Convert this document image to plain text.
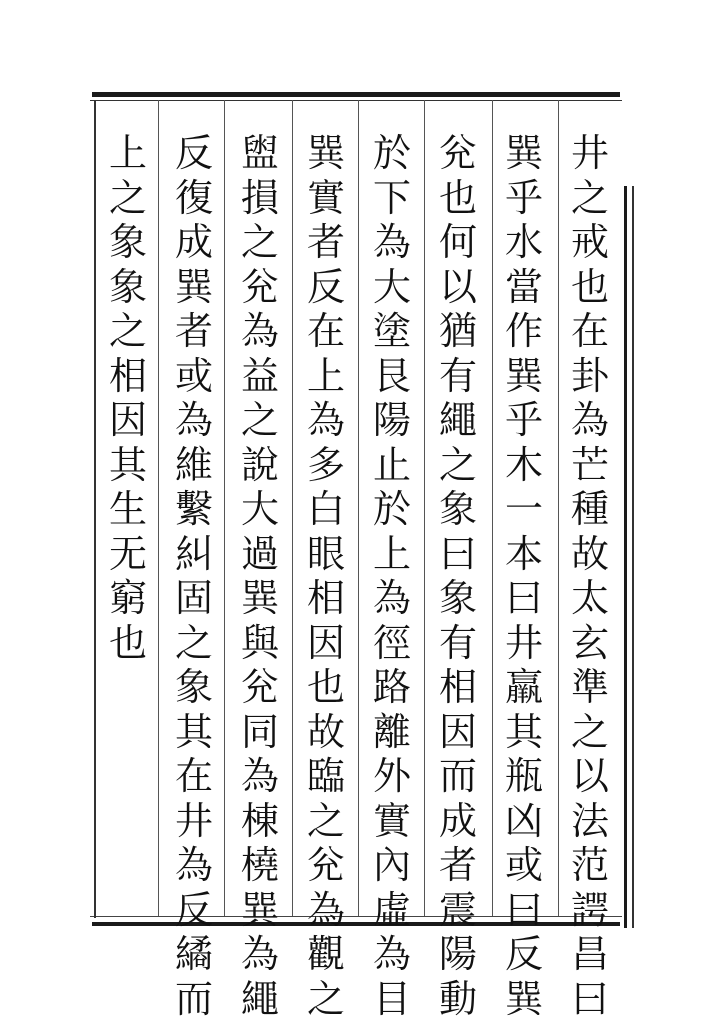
井
之
戒
也
在
卦
為
芒
種
故
太
玄
準
之
以
法
范
諤
昌
曰
巽
乎
水
當
作
巽
乎
木
一
本
曰
井
羸
其
瓶
凶
或
曰
反
巽
兊
也
何
以
猶
有
繩
之
象
曰
象
有
相
因
而
成
者
震
陽
動
於
下
為
大
塗
艮
陽
止
於
上
為
徑
路
離
外
實
內
虛
為
目
巽
實
者
反
在
上
為
多
白
眼
相
因
也
故
臨
之
兊
為
觀
之
盥
損
之
兊
為
益
之
說
大
過
巽
與
兊
同
為
棟
橈
巽
為
繩
反
復
成
巽
者
或
為
維
繫
糾
固
之
象
其
在
井
為
反
繘
而
上
之
象
象
之
相
因
其
生
无
窮
也
